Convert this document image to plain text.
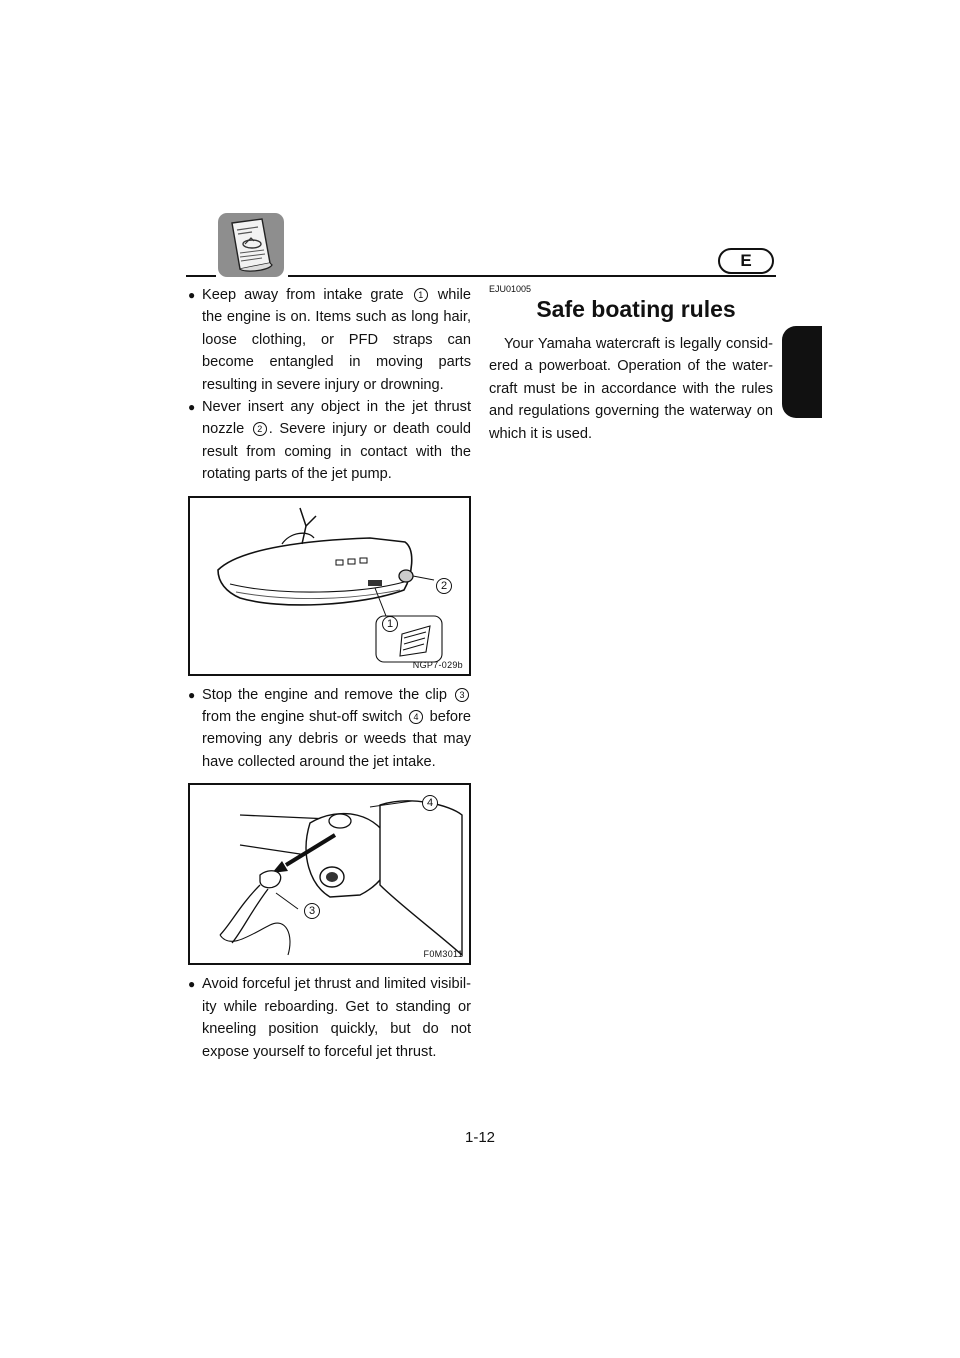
E

● Keep away from intake grate 1 while the engine is on. Items such as long hair, loose clothing, or PFD straps can become entangled in moving parts resulting in severe injury or drowning.

● Never insert any object in the jet thrust nozzle 2 . Severe injury or death could result from coming in contact with the rotating parts of the jet pump.

2
1
NGP7-029b

● Stop the engine and remove the clip 3 from the engine shut-off switch 4 before removing any debris or weeds that may have collected around the jet intake.

4
3
F0M3011

● Avoid forceful jet thrust and limited visibil-ity while reboarding. Get to standing or kneeling position quickly, but do not expose yourself to forceful jet thrust.

EJU01005

Safe boating rules

Your Yamaha watercraft is legally consid-ered a powerboat. Operation of the water-craft must be in accordance with the rules and regulations governing the waterway on which it is used.

1-12
